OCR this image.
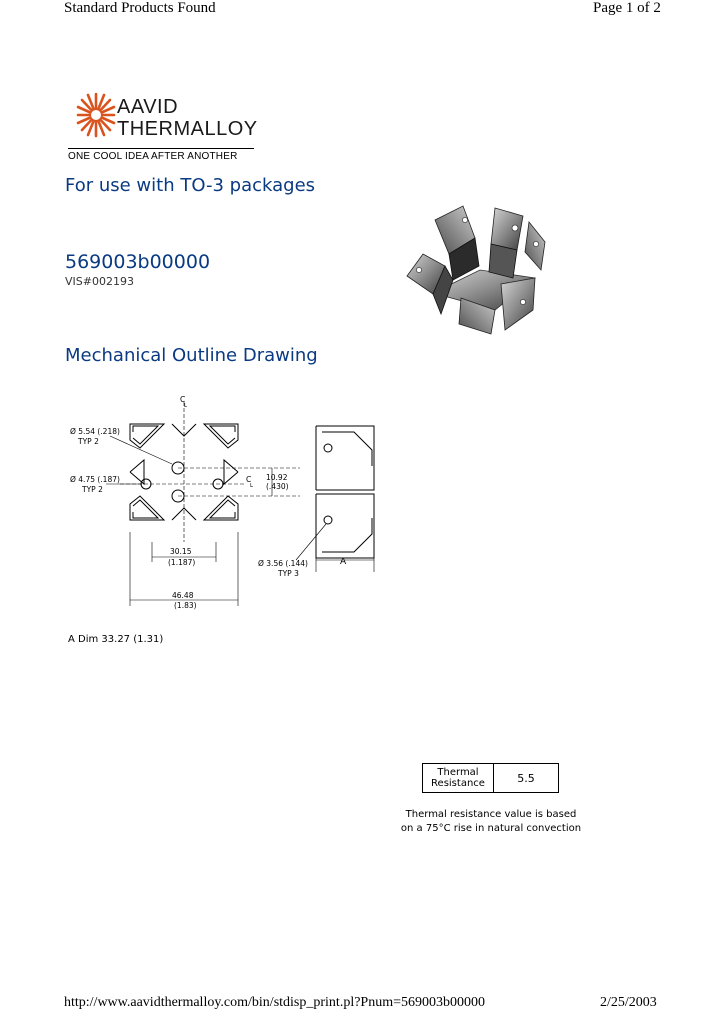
Standard Products Found	Page 1 of 2
AAVID
THERMALLOY
ONE COOL IDEA AFTER ANOTHER
For use with TO-3 packages
569003b00000
VIS#002193
Mechanical Outline Drawing
Ø 5.54 (.218)
TYP 2
Ø 4.75 (.187)
TYP 2
Ø 3.56 (.144)
TYP 3
10.92
(.430)
30.15
(1.187)
46.48
(1.83)
C
L
C
L
A
A Dim 33.27 (1.31)
Thermal
Resistance	5.5
Thermal resistance value is based on a 75°C rise in natural convection
http://www.aavidthermalloy.com/bin/stdisp_print.pl?Pnum=569003b00000	2/25/2003
